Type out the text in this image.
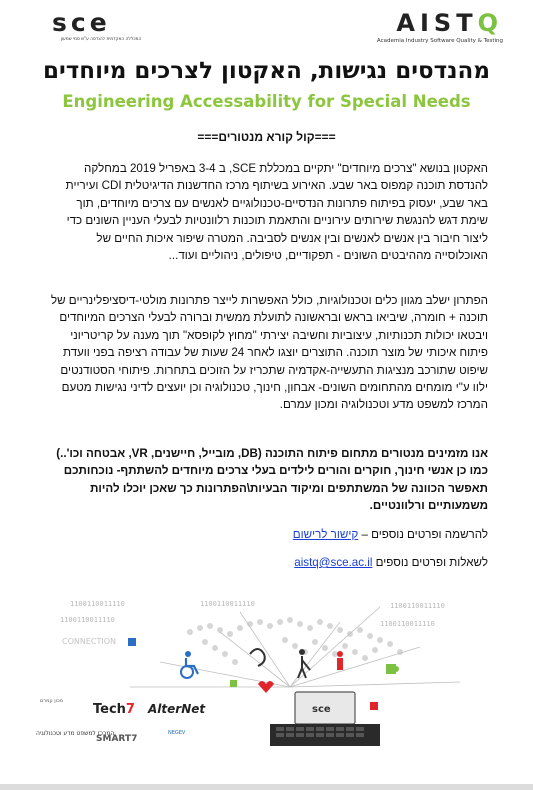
sce
המכללה האקדמית להנדסה ע"ש סמי שמעון
AISTQ
Academia Industry Software Quality & Testing
מהנדסים נגישות, האקטון לצרכים מיוחדים
Engineering Accessability for Special Needs
===קול קורא מנטורים===
האקטון בנושא "צרכים מיוחדים" יתקיים במכללת SCE, ב 3-4 באפריל 2019 במחלקה להנדסת תוכנה קמפוס באר שבע. האירוע בשיתוף מרכז החדשנות הדיגיטלית CDI ועיריית באר שבע, יעסוק בפיתוח פתרונות הנדסיים-טכנולוגיים לאנשים עם צרכים מיוחדים, תוך שימת דגש להנגשת שירותים עירוניים והתאמת תוכנות רלוונטיות לבעלי העניין השונים כדי ליצור חיבור בין אנשים לאנשים ובין אנשים לסביבה. המטרה שיפור איכות החיים של האוכלוסייה מההיבטים השונים - תפקודיים, טיפולים, ניהוליים ועוד...
הפתרון ישלב מגוון כלים וטכנולוגיות, כולל האפשרות לייצר פתרונות מולטי-דיסציפלינריים של תוכנה + חומרה, שיביאו בראש ובראשונה לתועלת ממשית וברורה לבעלי הצרכים המיוחדים ויבטאו יכולות תכנותיות, עיצוביות וחשיבה יצירתי "מחוץ לקופסא" תוך מענה על קריטריוני פיתוח איכותי של מוצר תוכנה. התוצרים יוצגו לאחר 24 שעות של עבודה רציפה בפני וועדת שיפוט שתורכב מנציגות התעשייה-אקדמיה שתכריז על הזוכים בתחרות. פיתוחי הסטודנטים ילוו ע"י מומחים מהתחומים השונים- אבחון, חינוך, טכנולוגיה וכן יועצים לדיני נגישות מטעם המרכז למשפט מדע וטכנולוגיה ומכון עמרם.
אנו מזמינים מנטורים מתחום פיתוח התוכנה (DB, מובייל, חיישנים, VR, אבטחה וכו'..) כמו כן אנשי חינוך, חוקרים והורים לילדים בעלי צרכים מיוחדים להשתתף- נוכחותכם תאפשר הכוונה של המשתתפים ומיקוד הבעיות\הפתרונות כך שאכן יוכלו להיות משמעותיים ורלוונטיים.
להרשמה ופרטים נוספים – קישור לרישום
לשאלות ופרטים נוספים aistq@sce.ac.il
1100110011110
1100110011110
1100110011110	1100110011110
1100110011110
CONNECTION
sce
מכון עמרם
Tech7 AlterNet
המרכז למשפט מדע וטכנולוגיה
SMART7
NEGEV
